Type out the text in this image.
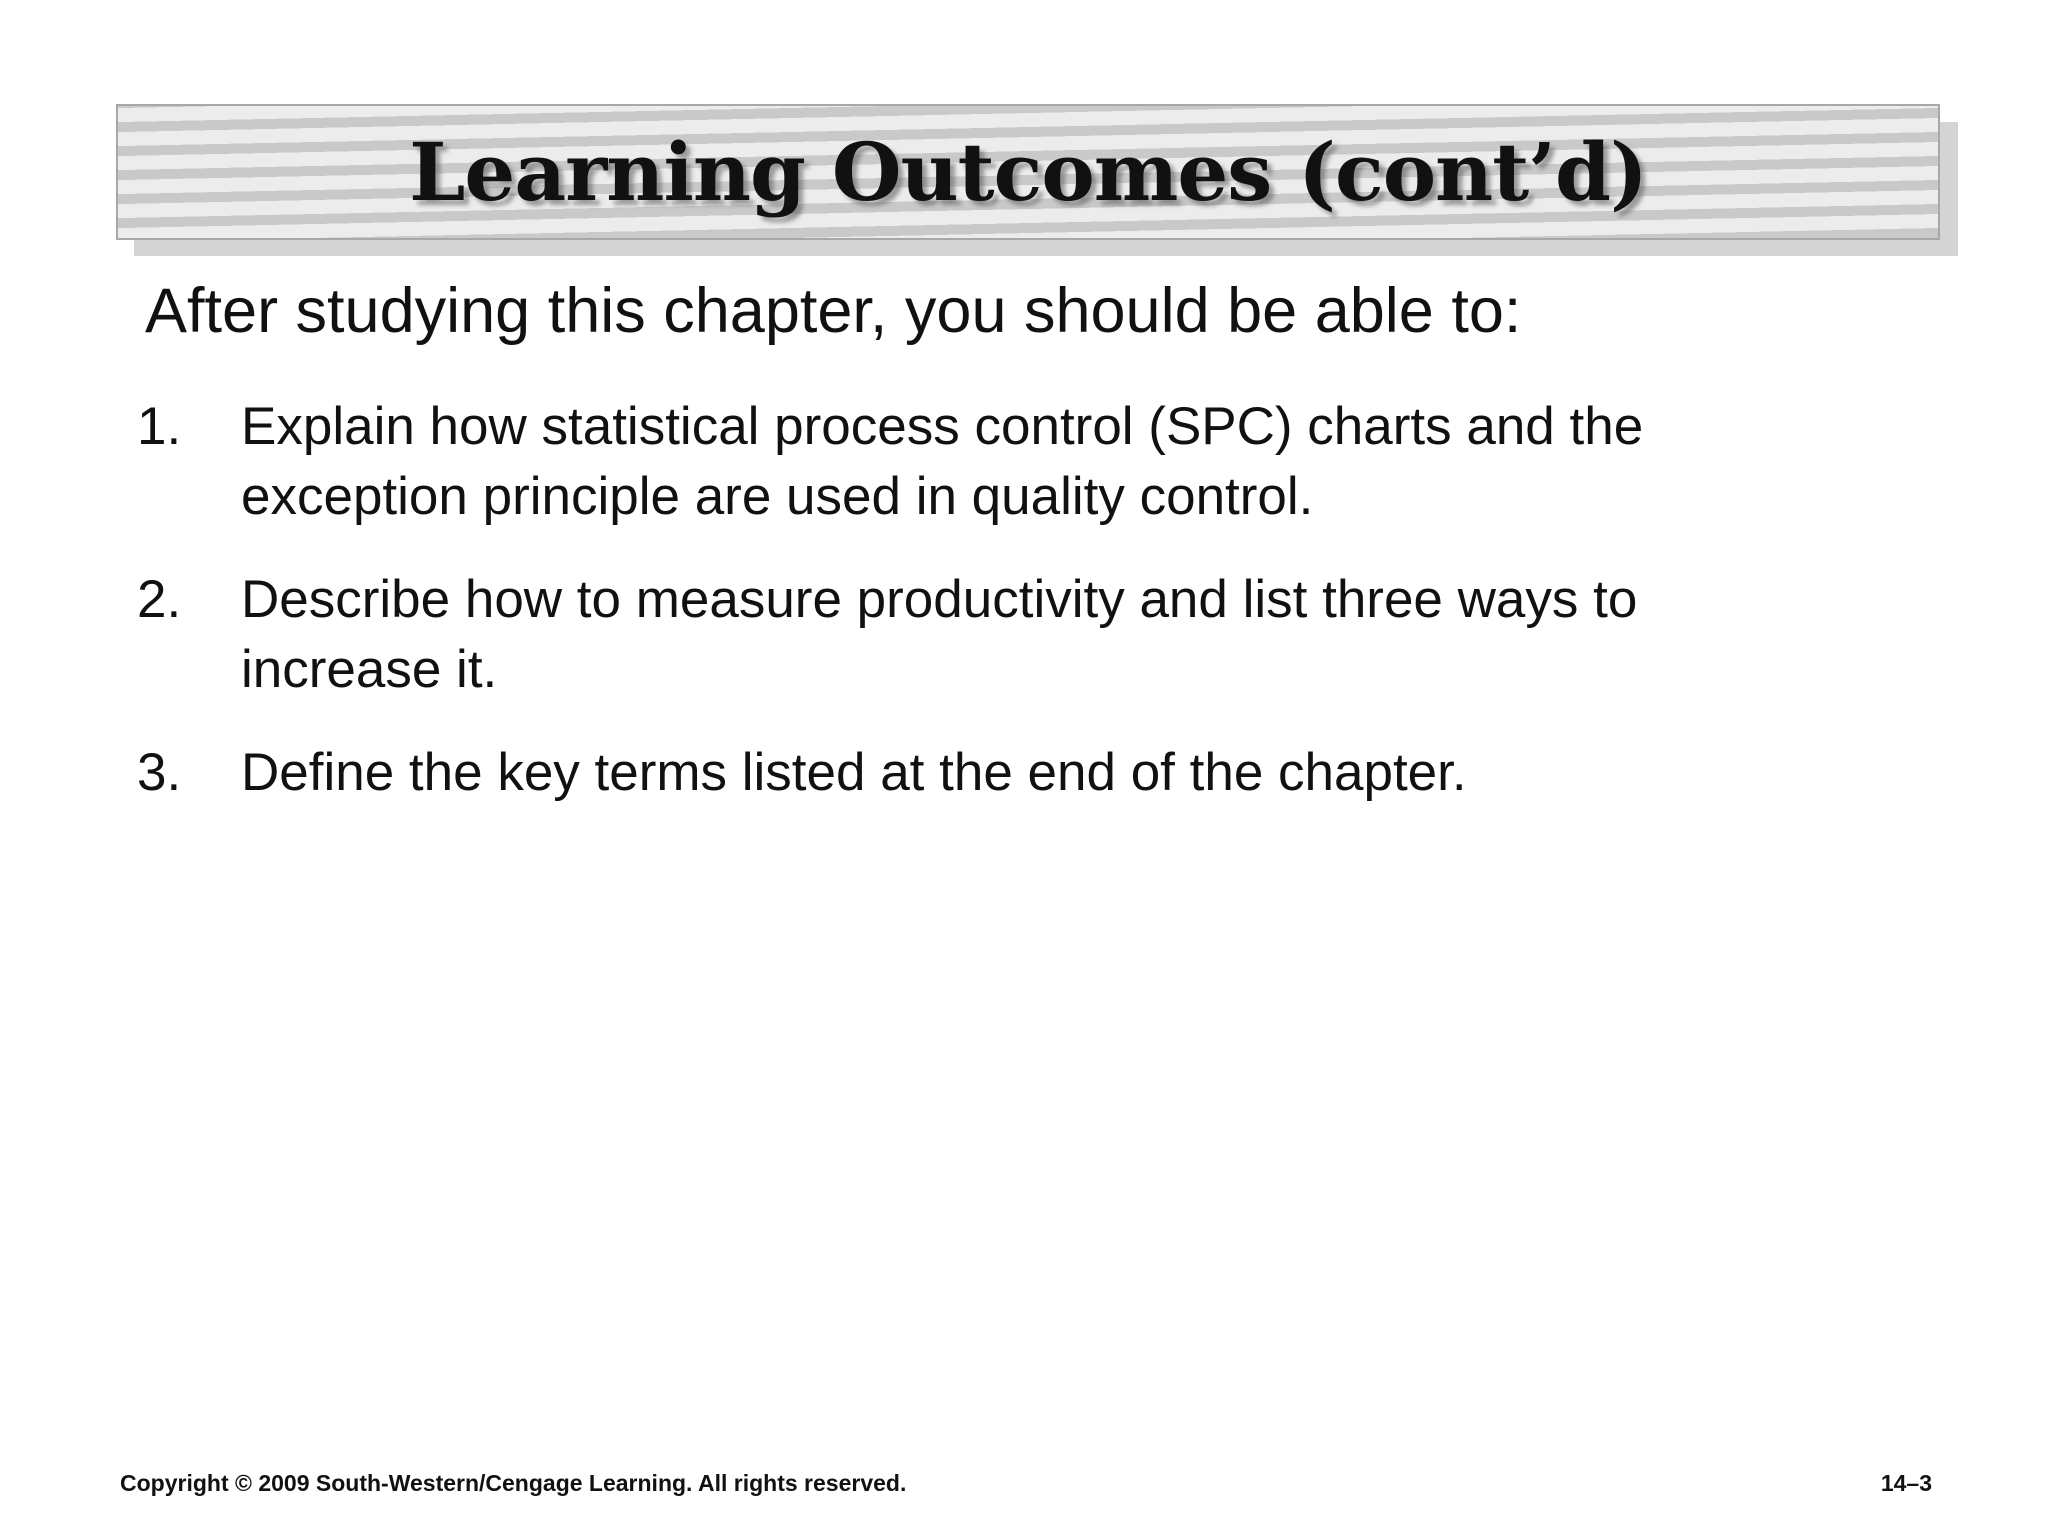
Learning Outcomes (cont’d)
After studying this chapter, you should be able to:
1.	Explain how statistical process control (SPC) charts and the exception principle are used in quality control.
2.	Describe how to measure productivity and list three ways to increase it.
3.	Define the key terms listed at the end of the chapter.
Copyright © 2009 South-Western/Cengage Learning. All rights reserved.	14–3
